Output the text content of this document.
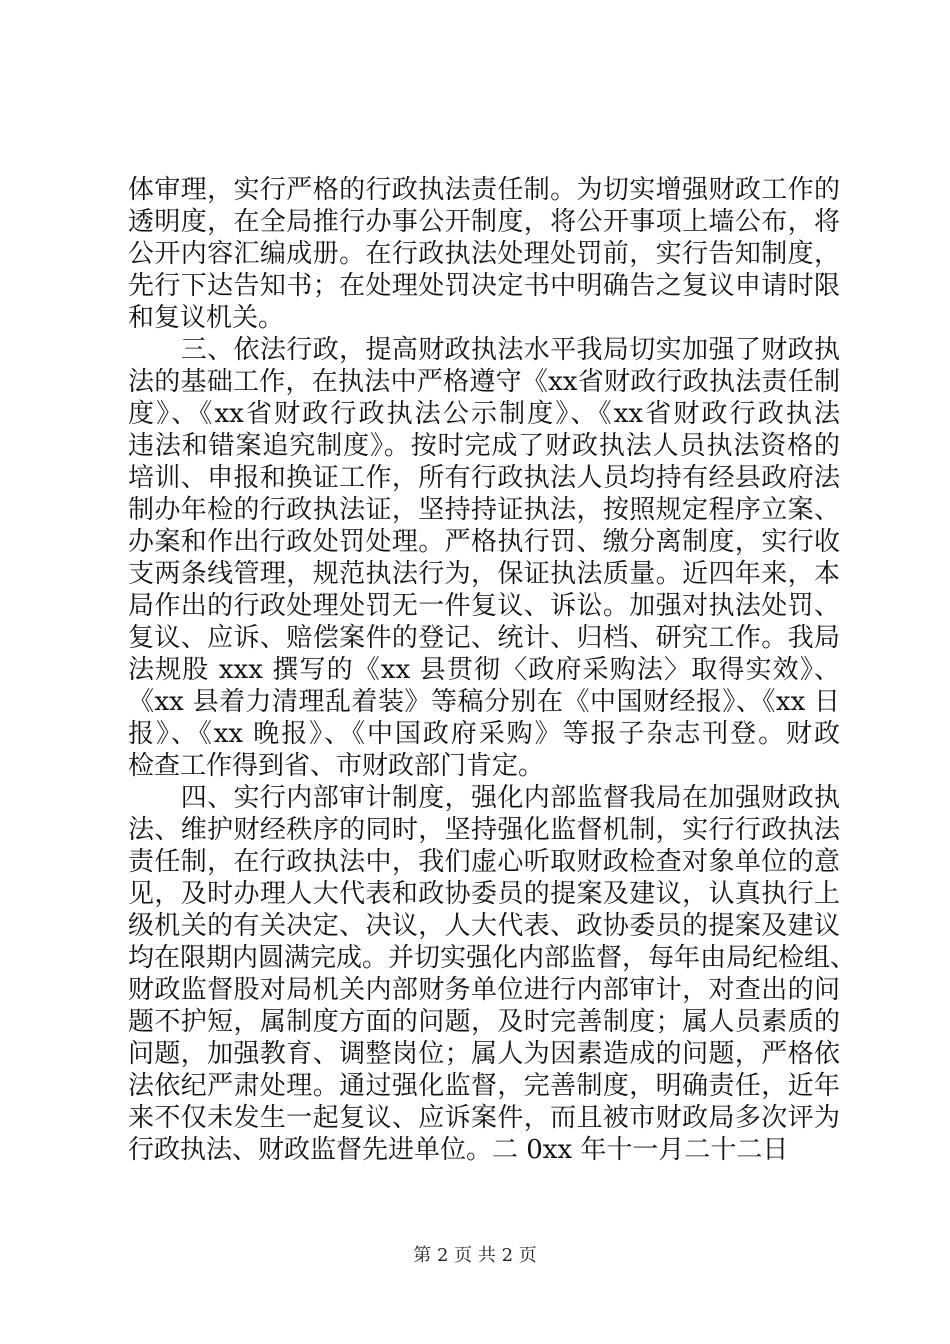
体审理，实行严格的行政执法责任制。为切实增强财政工作的
透明度，在全局推行办事公开制度，将公开事项上墙公布，将
公开内容汇编成册。在行政执法处理处罚前，实行告知制度，
先行下达告知书；在处理处罚决定书中明确告之复议申请时限
和复议机关。
　　三、依法行政，提高财政执法水平我局切实加强了财政执
法的基础工作，在执法中严格遵守《xx省财政行政执法责任制
度》、《xx省财政行政执法公示制度》、《xx省财政行政执法
违法和错案追究制度》。按时完成了财政执法人员执法资格的
培训、申报和换证工作，所有行政执法人员均持有经县政府法
制办年检的行政执法证，坚持持证执法，按照规定程序立案、
办案和作出行政处罚处理。严格执行罚、缴分离制度，实行收
支两条线管理，规范执法行为，保证执法质量。近四年来，本
局作出的行政处理处罚无一件复议、诉讼。加强对执法处罚、
复议、应诉、赔偿案件的登记、统计、归档、研究工作。我局
法规股 xxx 撰写的《xx 县贯彻〈政府采购法〉取得实效》、
《xx 县着力清理乱着装》等稿分别在《中国财经报》、《xx 日
报》、《xx 晚报》、《中国政府采购》等报子杂志刊登。财政
检查工作得到省、市财政部门肯定。
　　四、实行内部审计制度，强化内部监督我局在加强财政执
法、维护财经秩序的同时，坚持强化监督机制，实行行政执法
责任制，在行政执法中，我们虚心听取财政检查对象单位的意
见，及时办理人大代表和政协委员的提案及建议，认真执行上
级机关的有关决定、决议，人大代表、政协委员的提案及建议
均在限期内圆满完成。并切实强化内部监督，每年由局纪检组、
财政监督股对局机关内部财务单位进行内部审计，对查出的问
题不护短，属制度方面的问题，及时完善制度；属人员素质的
问题，加强教育、调整岗位；属人为因素造成的问题，严格依
法依纪严肃处理。通过强化监督，完善制度，明确责任，近年
来不仅未发生一起复议、应诉案件，而且被市财政局多次评为
行政执法、财政监督先进单位。二 0xx 年十一月二十二日
第 2 页 共 2 页
